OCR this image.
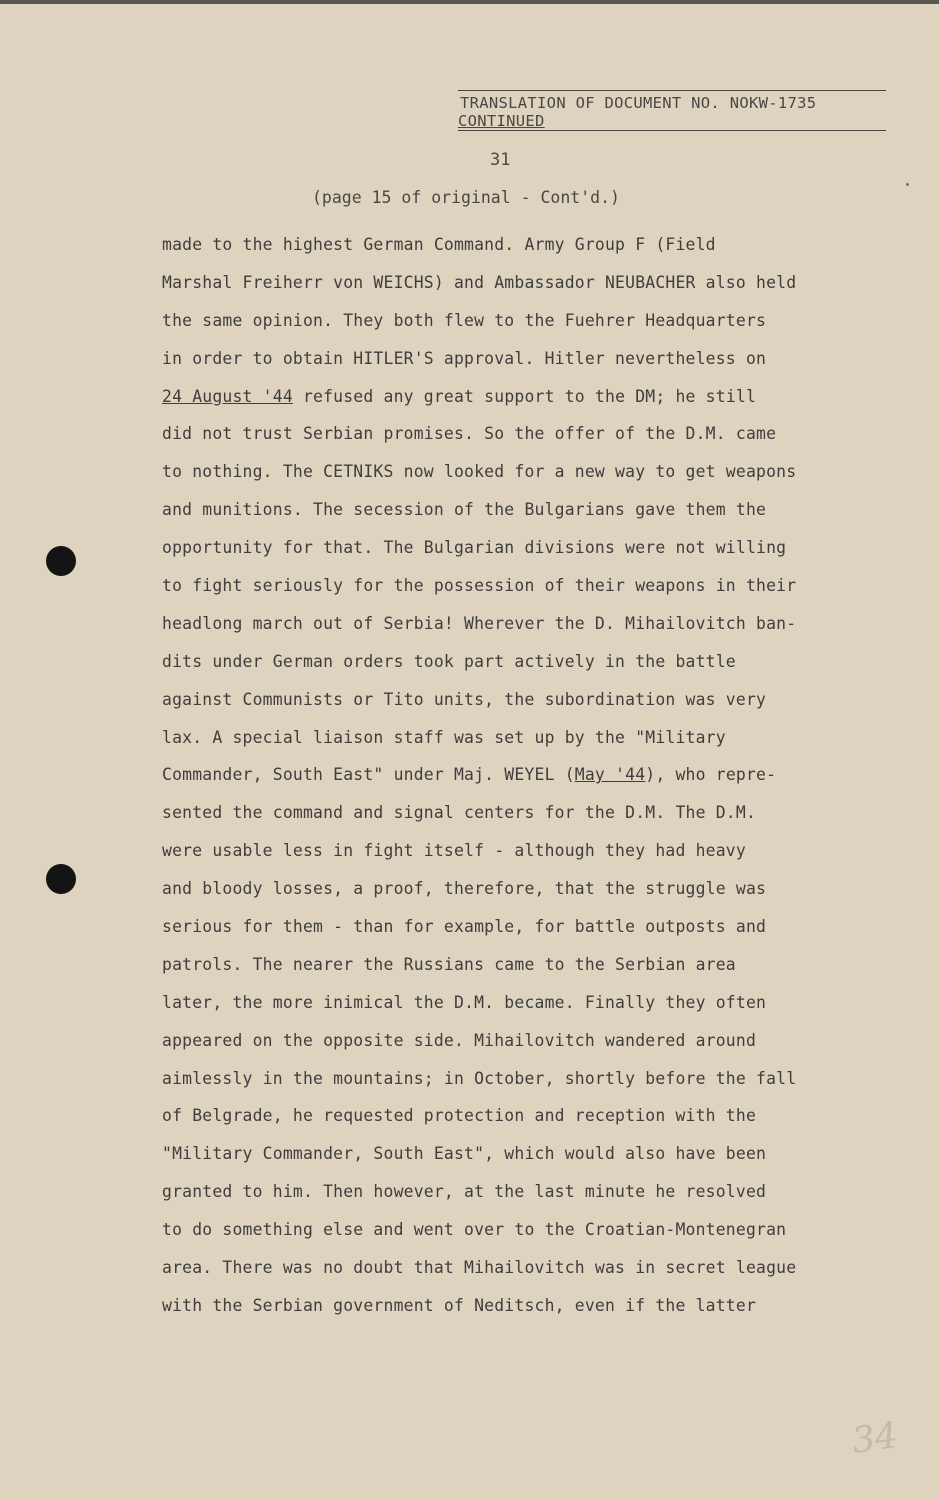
TRANSLATION OF DOCUMENT NO. NOKW-1735
CONTINUED
31
(page 15 of original - Cont'd.)
made to the highest German Command. Army Group F (Field
Marshal Freiherr von WEICHS) and Ambassador NEUBACHER also held
the same opinion. They both flew to the Fuehrer Headquarters
in order to obtain HITLER'S approval. Hitler nevertheless on
24 August '44 refused any great support to the DM; he still
did not trust Serbian promises. So the offer of the D.M. came
to nothing. The CETNIKS now looked for a new way to get weapons
and munitions. The secession of the Bulgarians gave them the
opportunity for that. The Bulgarian divisions were not willing
to fight seriously for the possession of their weapons in their
headlong march out of Serbia! Wherever the D. Mihailovitch ban-
dits under German orders took part actively in the battle
against Communists or Tito units, the subordination was very
lax. A special liaison staff was set up by the "Military
Commander, South East" under Maj. WEYEL (May '44), who repre-
sented the command and signal centers for the D.M. The D.M.
were usable less in fight itself - although they had heavy
and bloody losses, a proof, therefore, that the struggle was
serious for them - than for example, for battle outposts and
patrols. The nearer the Russians came to the Serbian area
later, the more inimical the D.M. became. Finally they often
appeared on the opposite side. Mihailovitch wandered around
aimlessly in the mountains; in October, shortly before the fall
of Belgrade, he requested protection and reception with the
"Military Commander, South East", which would also have been
granted to him. Then however, at the last minute he resolved
to do something else and went over to the Croatian-Montenegran
area. There was no doubt that Mihailovitch was in secret league
with the Serbian government of Neditsch, even if the latter
34
